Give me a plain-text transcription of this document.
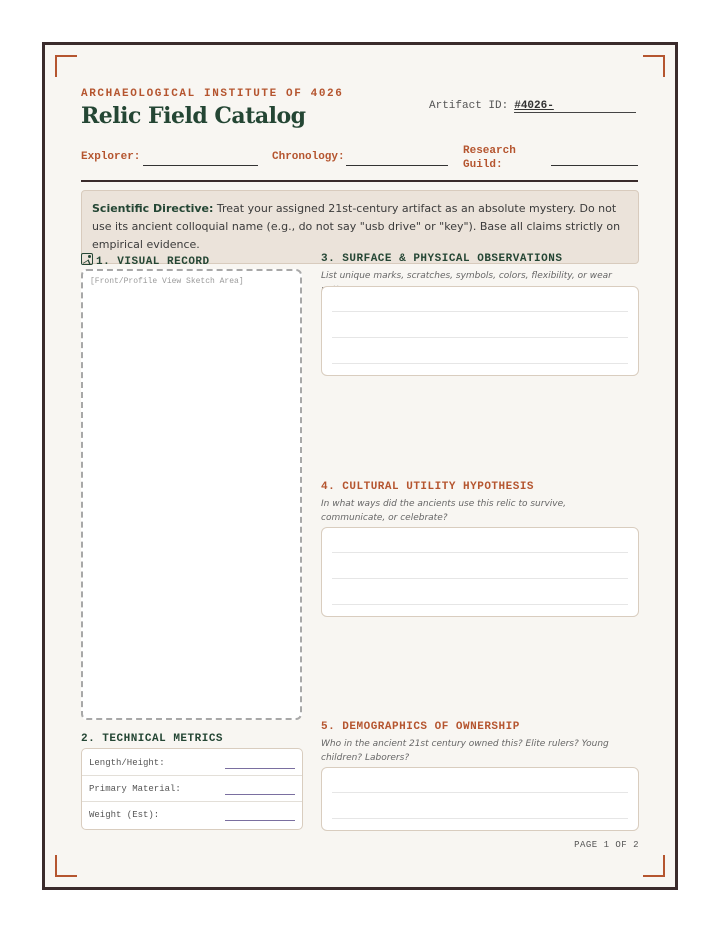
ARCHAEOLOGICAL INSTITUTE OF 4026
Relic Field Catalog	Artifact ID: #4026-
Explorer:	Chronology:	Research
Guild:
Scientific Directive: Treat your assigned 21st-century artifact as an absolute mystery. Do not use its ancient colloquial name (e.g., do not say "usb drive" or "key"). Base all claims strictly on empirical evidence.
1. VISUAL RECORD
[Front/Profile View Sketch Area]
2. TECHNICAL METRICS
Length/Height:
Primary Material:
Weight (Est):
3. SURFACE & PHYSICAL OBSERVATIONS
List unique marks, scratches, symbols, colors, flexibility, or wear
4. CULTURAL UTILITY HYPOTHESIS
In what ways did the ancients use this relic to survive, communicate, or celebrate?
5. DEMOGRAPHICS OF OWNERSHIP
Who in the ancient 21st century owned this? Elite rulers? Young children? Laborers?
PAGE 1 OF 2
